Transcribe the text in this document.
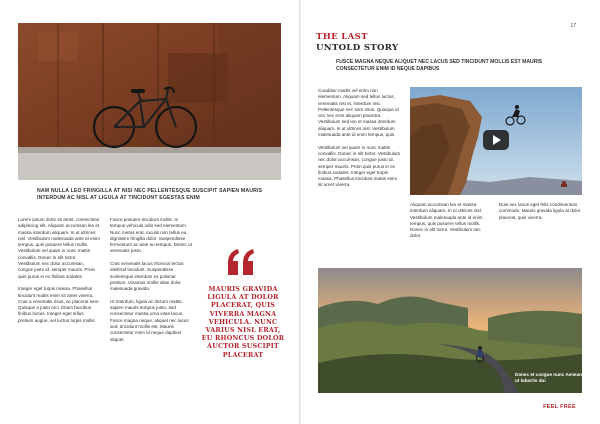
NAM NULLA LEO FRINGILLA AT NISI NEC PELLENTESQUE SUSCIPIT SAPIEN MAURIS INTERDUM AC NISL AT LIGULA AT TINCIDUNT EGESTAS ENIM

Lorem ipsum dolor sit amet, consectetur adipiscing elit. Aliquam accumsan leo et massa interdum aliquam. In ut ultrices nisl. Vestibulum malesuada ante id enim tempus, quis posuere tellus mollis. Vestibulum vel quam in nunc mattis convallis. Donec in elit tortor. Vestibulum nec dolor accumsan, congue justo id, semper mauris. Proin quis purus in ex finibus sodales.

Integer eget turpis massa. Phasellus tincidunt mattis enim sit amet viverra. Cras a venenatis risus, ac placerat sem. Quisque a justo orci. Etiam faucibus finibus luctus. Integer eget tellus pretium augue, vel luctus turpis mollis.

Fusce posuere tincidunt mollis. In tempus vehicula odio sed elementum. Nunc metus erat, iaculis non tellus eu, dignissim fringilla dolor. Suspendisse fermentum ac ante eu tempus. Donec ut venenatis justo.

Cras venenatis lacus rhoncus lectus eleifend tincidunt. Suspendisse scelerisque interdum ex pulvinar pretium. Vivamus mollis vitae dolor malesuada gravida.

Ut interdum, ligula ac dictum mattis, sapien mauris tempus justo, sed consectetur massa urna vitae lacus. Fusce magna neque, aliquet nec lacus sed, tincidunt mollis est. Mauris consectetur enim id neque dapibus aliquet.

MAURIS GRAVIDA LIGULA AT DOLOR PLACERAT, QUIS VIVERRA MAGNA VEHICULA. NUNC VARIUS NISL ERAT, EU RHONCUS DOLOR AUCTOR SUSCIPIT PLACERAT
17
THE LAST
UNTOLD STORY
FUSCE MAGNA NEQUE ALIQUET NEC LACUS SED TINCIDUNT MOLLIS EST MAURIS CONSECTETUR ENIM ID NEQUE DAPIBUS

Curabitur mattis vel enim non elementum. Aliquam sed tellus luctus, venenatis nisi et, interdum nisi. Pellentesque nec sem risus. Quisque id orci nec eros aliquam pharetra. Vestibulum sed leo et massa interdum aliquam. In ut ultrices nisl. Vestibulum malesuada ante id enim tempus, quis.

Vestibulum vel quam in nunc mattis convallis. Donec in elit tortor. Vestibulum nec dolor accumsan, congue justo id, semper mauris. Proin quis purus in ex finibus sodales. Integer eget turpis massa. Phasellus tincidunt mattis enim sit amet viverra.

Aliquam accumsan leo et massa interdum aliquam. In ut ultrices nisl. Vestibulum malesuada ante id enim tempus, quis posuere tellus mollis. Donec in elit tortor. Vestibulum nec dolor.

Duis nec lacus eget felis condimentum commodo. Mauris gravida ligula at dolor placerat, quis viverra.

Donec et congue nunc Aenean ut lobortis dui
FEEL FREE
